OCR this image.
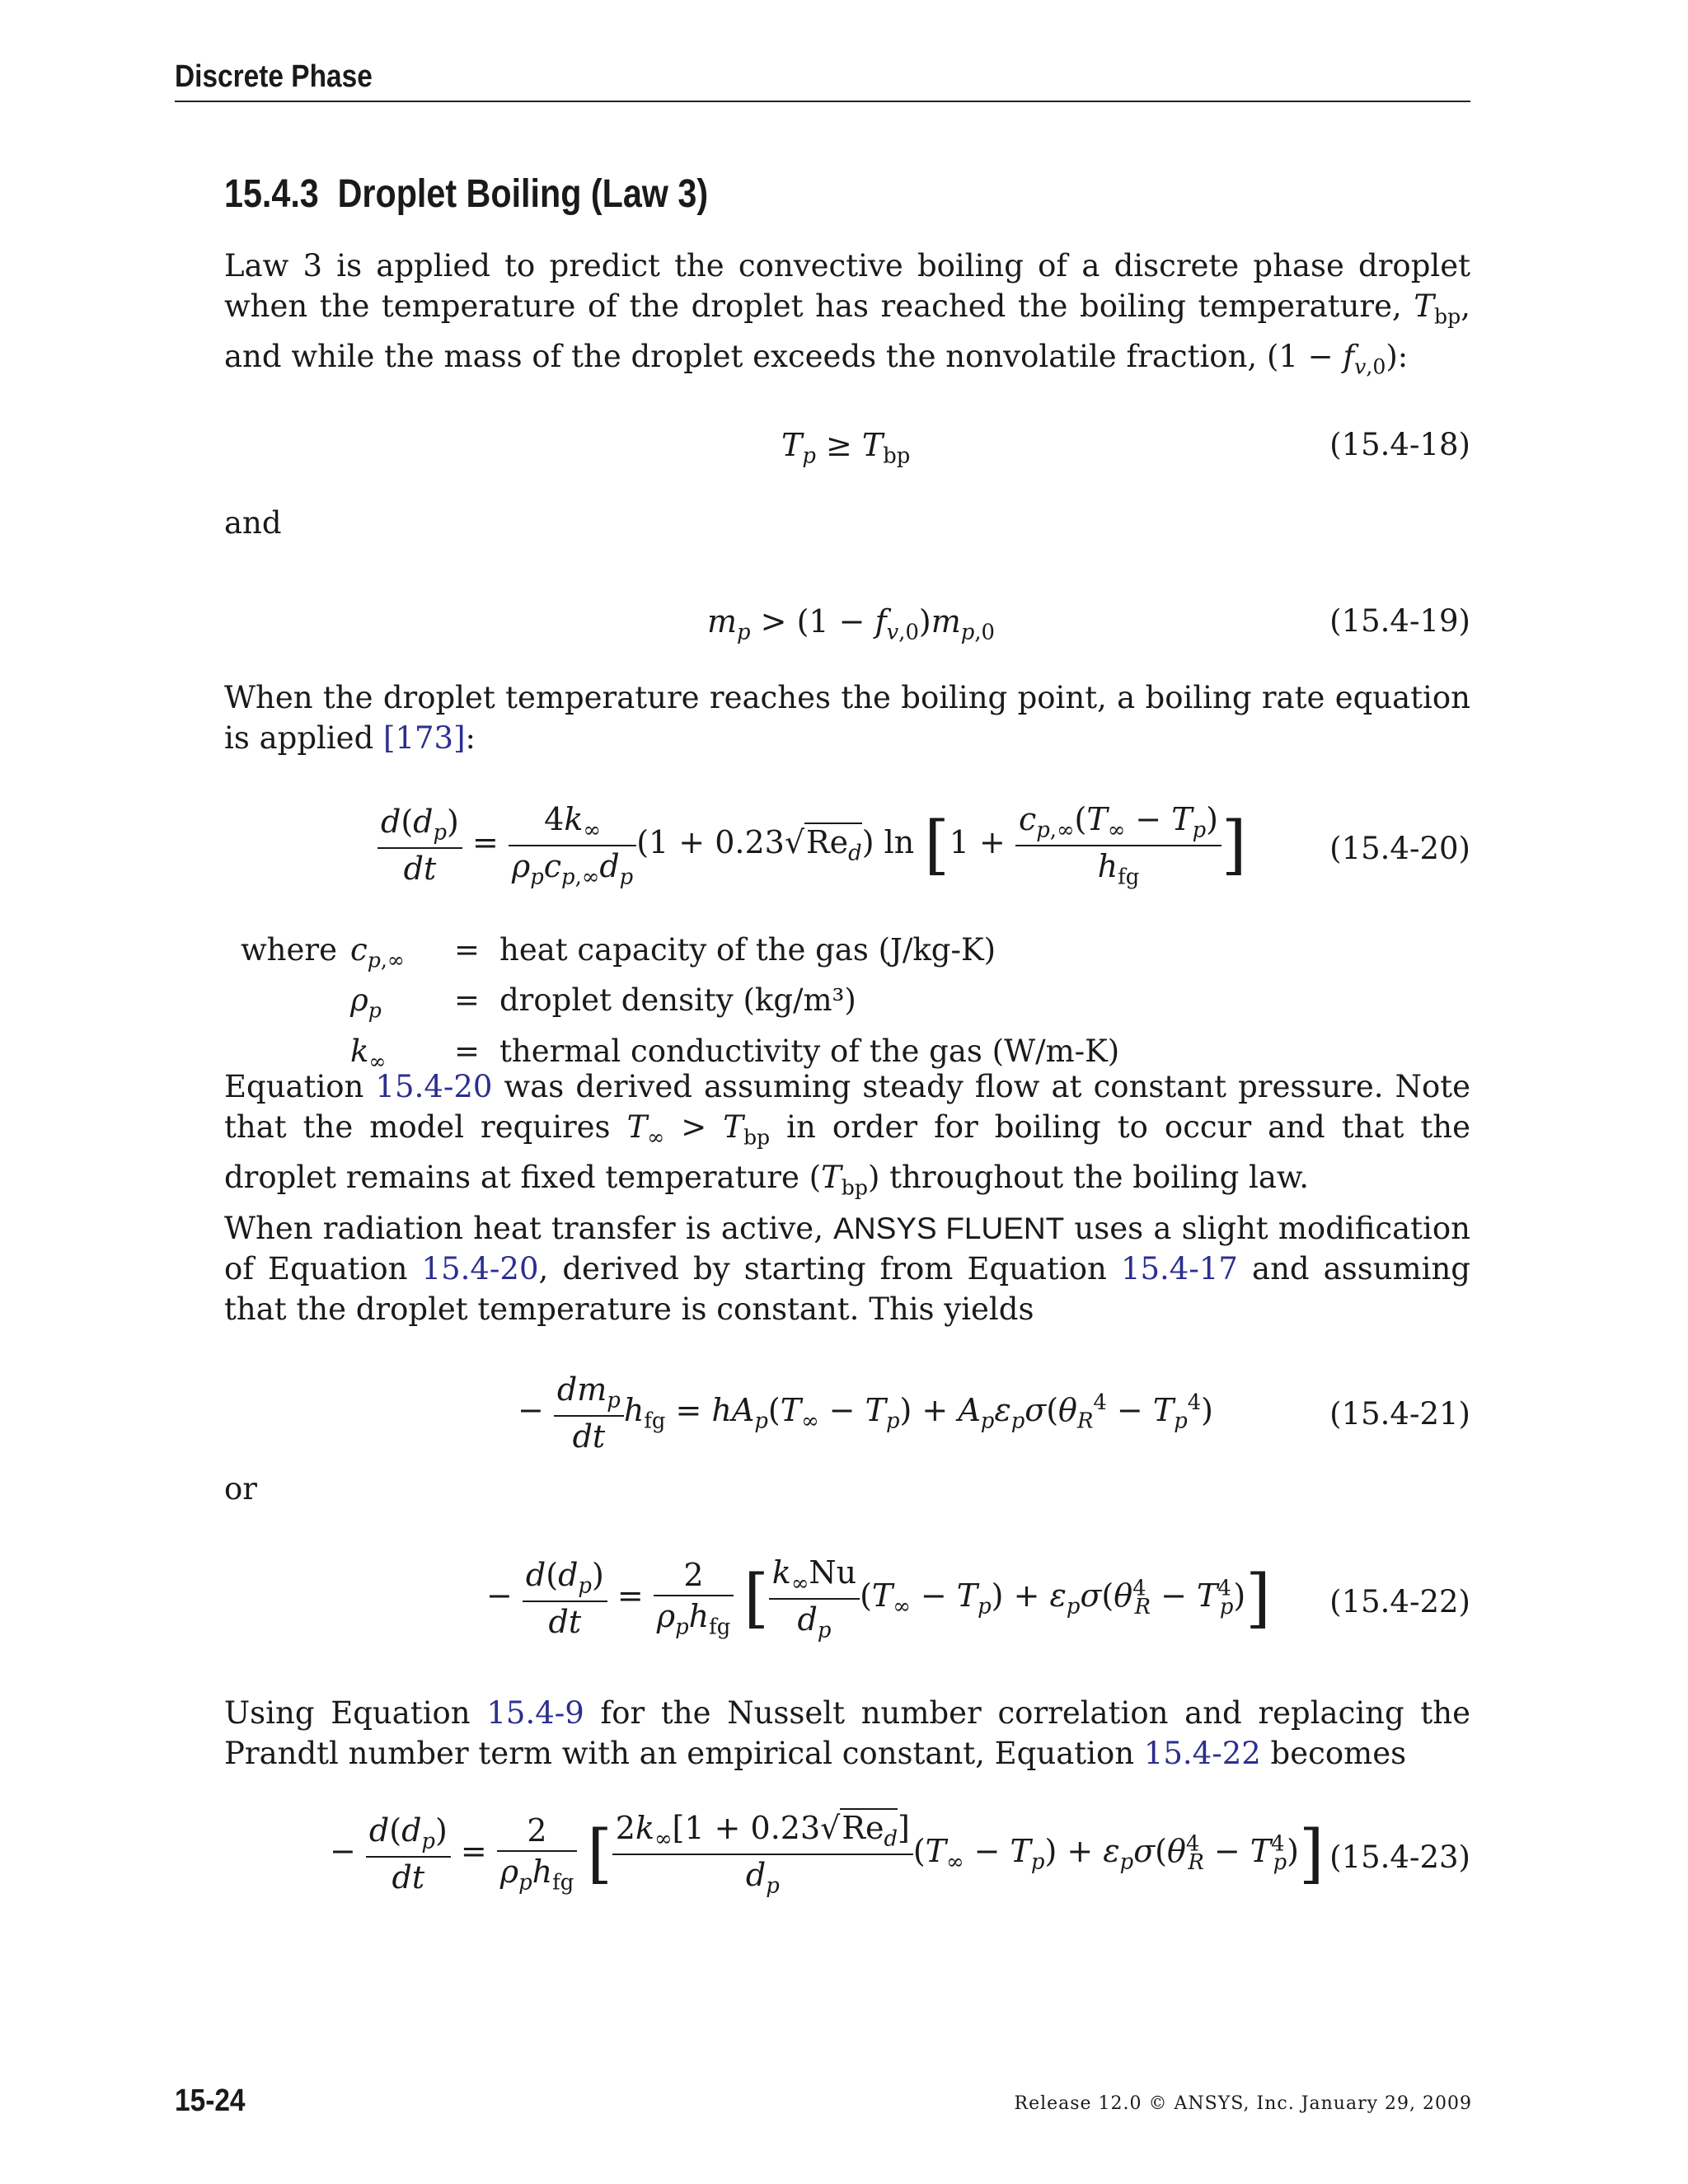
Discrete Phase
15.4.3 Droplet Boiling (Law 3)
Law 3 is applied to predict the convective boiling of a discrete phase droplet when the temperature of the droplet has reached the boiling temperature, $T_{bp}$, and while the mass of the droplet exceeds the nonvolatile fraction, $(1 - f_{v,0})$:
$T_p \ge T_{bp}$	(15.4-18)
and
$m_p > (1 - f_{v,0})m_{p,0}$	(15.4-19)
When the droplet temperature reaches the boiling point, a boiling rate equation is applied [173]:
$\frac{d(d_p)}{dt} = \frac{4k_\infty}{\rho_pc_{p,\infty}d_p} (1 + 0.23√Re_d)$ $\ln [1 + \frac{c_{p,\infty}(T_\infty - T_p)}{h_{fg}}$ ]	(15.4-20)
where	$c_{p,\infty}$	=	heat capacity of the gas (J/kg-K)
	$\rho_p$	=	droplet density (kg/m³)
	$k_\infty$	=	thermal conductivity of the gas (W/m-K)
Equation 15.4-20 was derived assuming steady flow at constant pressure. Note that the model requires $T_\infty > T_{bp}$ in order for boiling to occur and that the droplet remains at fixed temperature $(T_{bp})$ throughout the boiling law.
When radiation heat transfer is active, ANSYS FLUENT uses a slight modification of Equation 15.4-20, derived by starting from Equation 15.4-17 and assuming that the droplet temperature is constant. This yields
− $\frac{dm_p}{dt} h_{fg} = hA_p(T_\infty - T_p) + A_p\varepsilon_p\sigma(\theta_R^4 - T_p^4)$	(15.4-21)
or
− $\frac{d(d_p)}{dt} = \frac{2}{\rho_ph_{fg}}$ [ $\frac{k_\infty Nu}{d_p} (T_\infty - T_p) + \varepsilon_p\sigma(\theta^4_R - T^4_p)$] (15.4-22)
Using Equation 15.4-9 for the Nusselt number correlation and replacing the Prandtl number term with an empirical constant, Equation 15.4-22 becomes
− $\frac{d(d_p)}{dt} = \frac{2}{\rho_ph_{fg}}$ [ $\frac{2k_\infty[1 + 0.23√Re_d]}{d_p} (T_\infty - T_p) + \varepsilon_p\sigma(\theta^4_R - T^4_p)$] (15.4-23)
15-24	Release 12.0 © ANSYS, Inc. January 29, 2009
